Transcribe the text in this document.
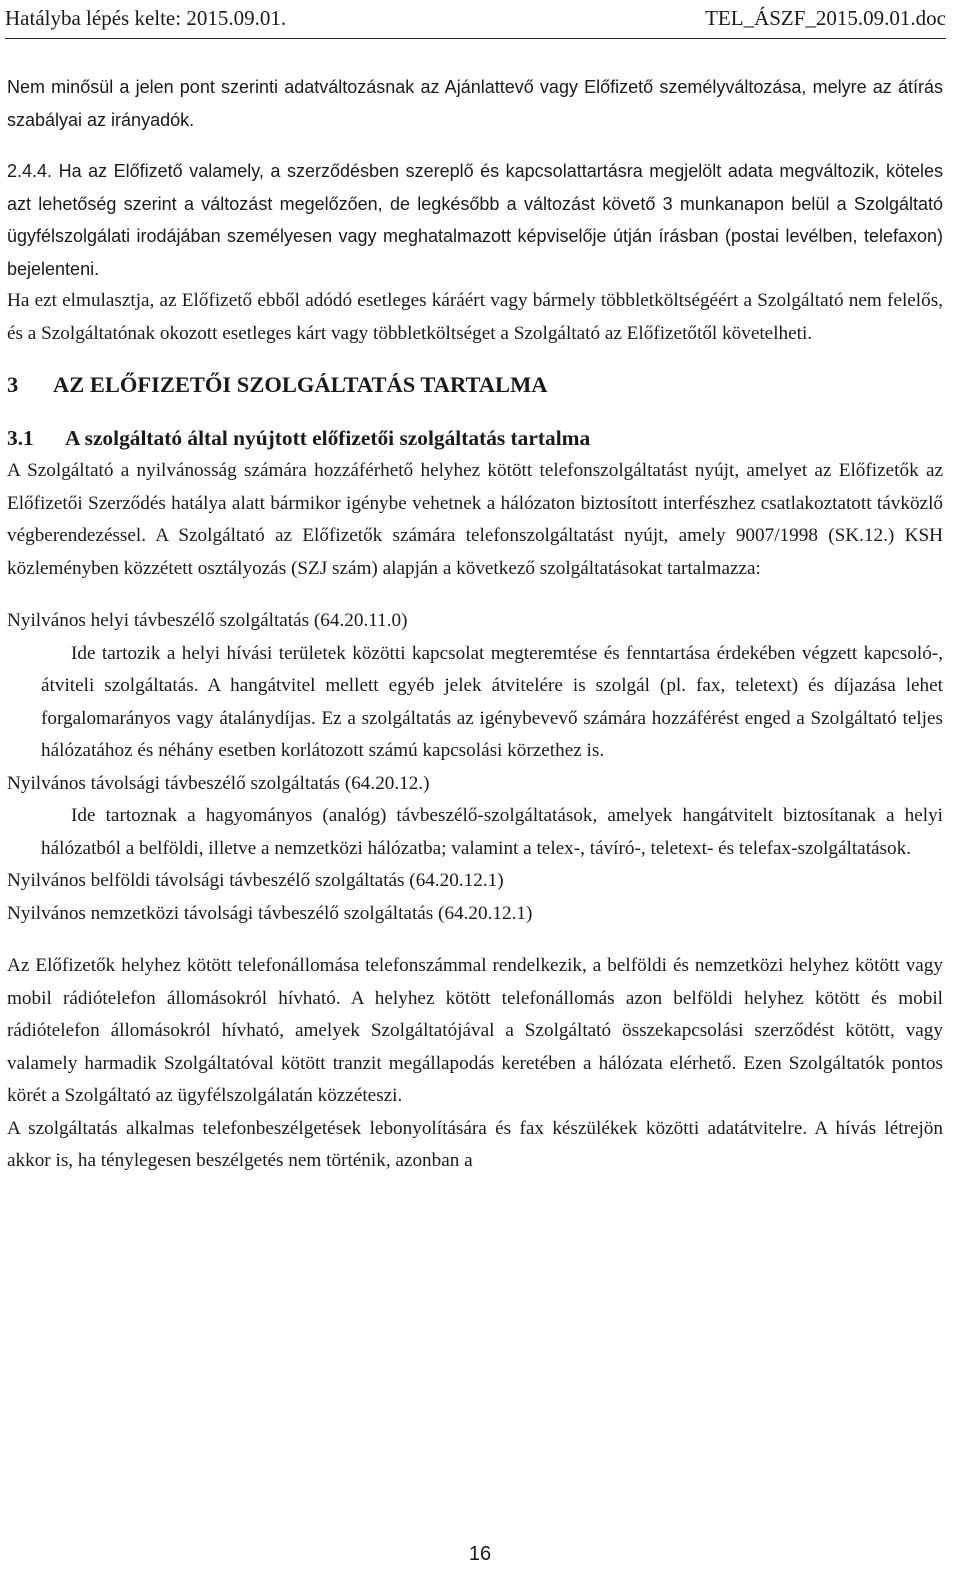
Hatályba lépés kelte: 2015.09.01.	TEL_ÁSZF_2015.09.01.doc

Nem minősül a jelen pont szerinti adatváltozásnak az Ajánlattevő vagy Előfizető személyváltozása, melyre az átírás szabályai az irányadók.

2.4.4. Ha az Előfizető valamely, a szerződésben szereplő és kapcsolattartásra megjelölt adata megváltozik, köteles azt lehetőség szerint a változást megelőzően, de legkésőbb a változást követő 3 munkanapon belül a Szolgáltató ügyfélszolgálati irodájában személyesen vagy meghatalmazott képviselője útján írásban (postai levélben, telefaxon) bejelenteni.

Ha ezt elmulasztja, az Előfizető ebből adódó esetleges káráért vagy bármely többletköltségéért a Szolgáltató nem felelős, és a Szolgáltatónak okozott esetleges kárt vagy többletköltséget a Szolgáltató az Előfizetőtől követelheti.

3 AZ ELŐFIZETŐI SZOLGÁLTATÁS TARTALMA
3.1 A szolgáltató által nyújtott előfizetői szolgáltatás tartalma

A Szolgáltató a nyilvánosság számára hozzáférhető helyhez kötött telefonszolgáltatást nyújt, amelyet az Előfizetők az Előfizetői Szerződés hatálya alatt bármikor igénybe vehetnek a hálózaton biztosított interfészhez csatlakoztatott távközlő végberendezéssel. A Szolgáltató az Előfizetők számára telefonszolgáltatást nyújt, amely 9007/1998 (SK.12.) KSH közleményben közzétett osztályozás (SZJ szám) alapján a következő szolgáltatásokat tartalmazza:

Nyilvános helyi távbeszélő szolgáltatás (64.20.11.0)

Ide tartozik a helyi hívási területek közötti kapcsolat megteremtése és fenntartása érdekében végzett kapcsoló-, átviteli szolgáltatás. A hangátvitel mellett egyéb jelek átvitelére is szolgál (pl. fax, teletext) és díjazása lehet forgalomarányos vagy átalánydíjas. Ez a szolgáltatás az igénybevevő számára hozzáférést enged a Szolgáltató teljes hálózatához és néhány esetben korlátozott számú kapcsolási körzethez is.

Nyilvános távolsági távbeszélő szolgáltatás (64.20.12.)

Ide tartoznak a hagyományos (analóg) távbeszélő-szolgáltatások, amelyek hangátvitelt biztosítanak a helyi hálózatból a belföldi, illetve a nemzetközi hálózatba; valamint a telex-, távíró-, teletext- és telefax-szolgáltatások.

Nyilvános belföldi távolsági távbeszélő szolgáltatás (64.20.12.1)

Nyilvános nemzetközi távolsági távbeszélő szolgáltatás (64.20.12.1)

Az Előfizetők helyhez kötött telefonállomása telefonszámmal rendelkezik, a belföldi és nemzetközi helyhez kötött vagy mobil rádiótelefon állomásokról hívható. A helyhez kötött telefonállomás azon belföldi helyhez kötött és mobil rádiótelefon állomásokról hívható, amelyek Szolgáltatójával a Szolgáltató összekapcsolási szerződést kötött, vagy valamely harmadik Szolgáltatóval kötött tranzit megállapodás keretében a hálózata elérhető. Ezen Szolgáltatók pontos körét a Szolgáltató az ügyfélszolgálatán közzéteszi.

A szolgáltatás alkalmas telefonbeszélgetések lebonyolítására és fax készülékek közötti adatátvitelre. A hívás létrejön akkor is, ha ténylegesen beszélgetés nem történik, azonban a

16
